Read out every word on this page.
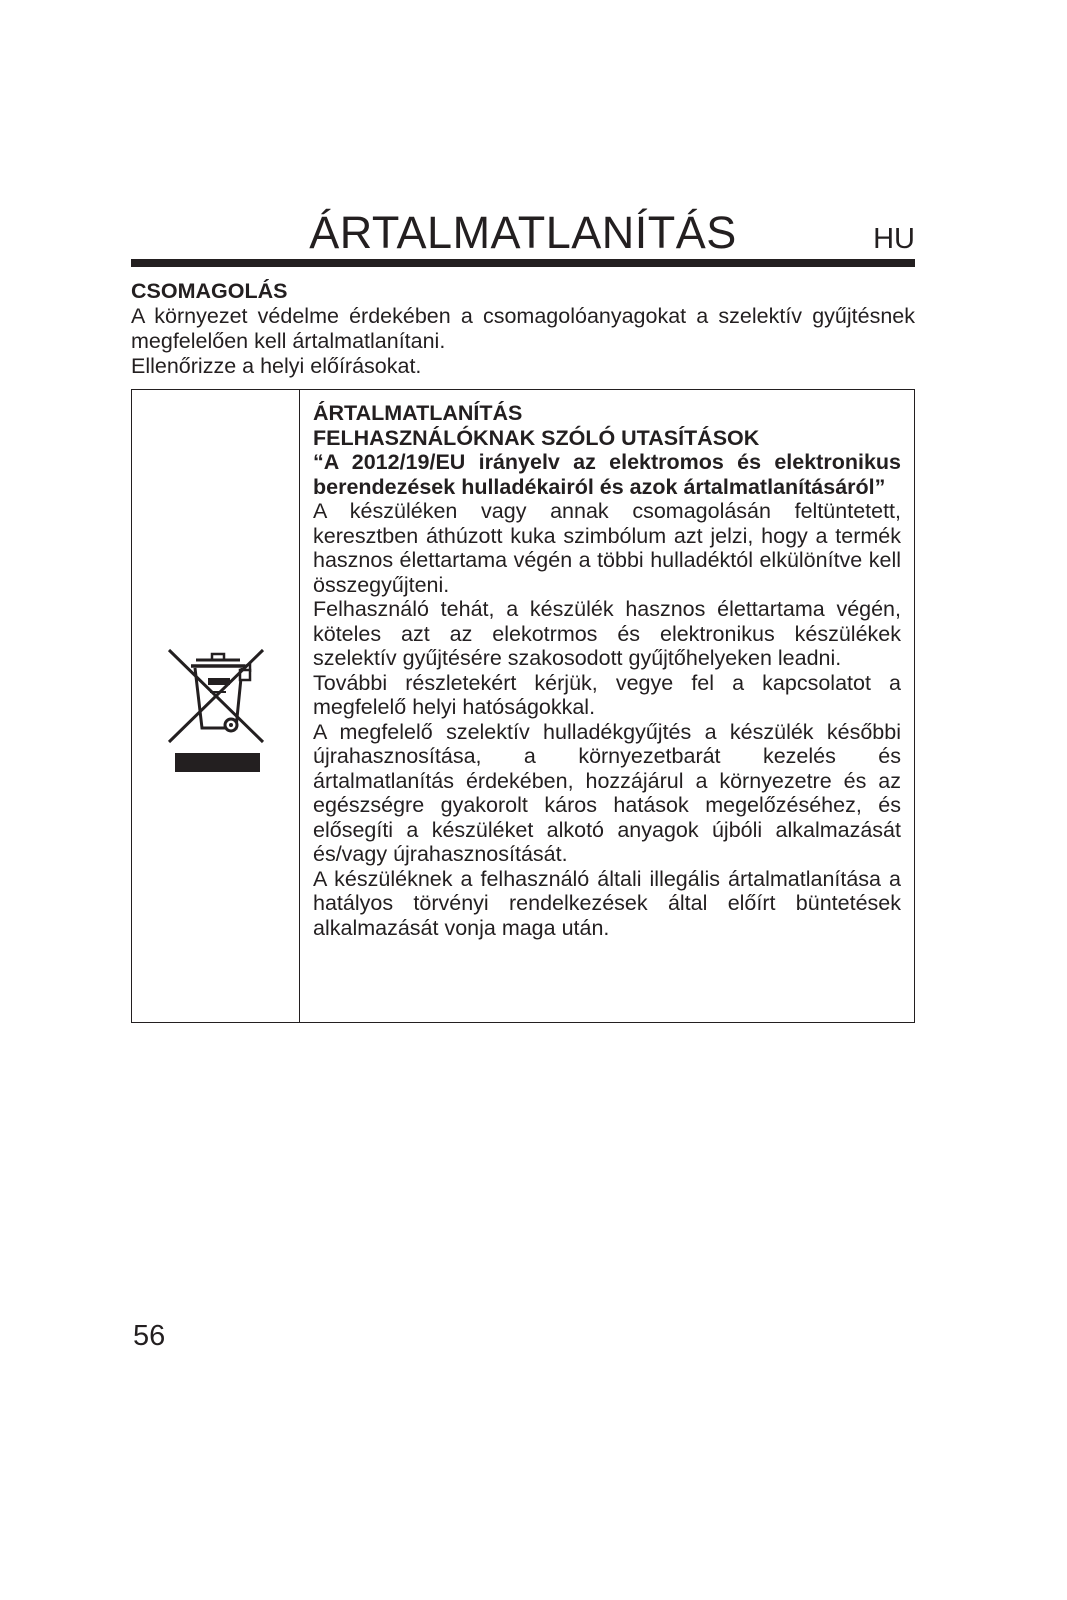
ÁRTALMATLANÍTÁS	HU
CSOMAGOLÁS

A környezet védelme érdekében a csomagolóanyagokat a szelektív gyűjtésnek megfelelően kell ártalmatlanítani.

Ellenőrizze a helyi előírásokat.

ÁRTALMATLANÍTÁS
FELHASZNÁLÓKNAK SZÓLÓ UTASÍTÁSOK

“A 2012/19/EU irányelv az elektromos és elektronikus berendezések hulladékairól és azok ártalmatlanításáról”

A készüléken vagy annak csomagolásán feltüntetett, keresztben áthúzott kuka szimbólum azt jelzi, hogy a termék hasznos élettartama végén a többi hulladéktól elkülönítve kell összegyűjteni.

Felhasználó tehát, a készülék hasznos élettartama végén, köteles azt az elekotrmos és elektronikus készülékek szelektív gyűjtésére szakosodott gyűjtőhelyeken leadni.

További részletekért kérjük, vegye fel a kapcsolatot a megfelelő helyi hatóságokkal.

A megfelelő szelektív hulladékgyűjtés a készülék későbbi újrahasznosítása, a környezetbarát kezelés és ártalmatlanítás érdekében, hozzájárul a környezetre és az egészségre gyakorolt káros hatások megelőzéséhez, és elősegíti a készüléket alkotó anyagok újbóli alkalmazását és/vagy újrahasznosítását.

A készüléknek a felhasználó általi illegális ártalmatlanítása a hatályos törvényi rendelkezések által előírt büntetések alkalmazását vonja maga után.

56
